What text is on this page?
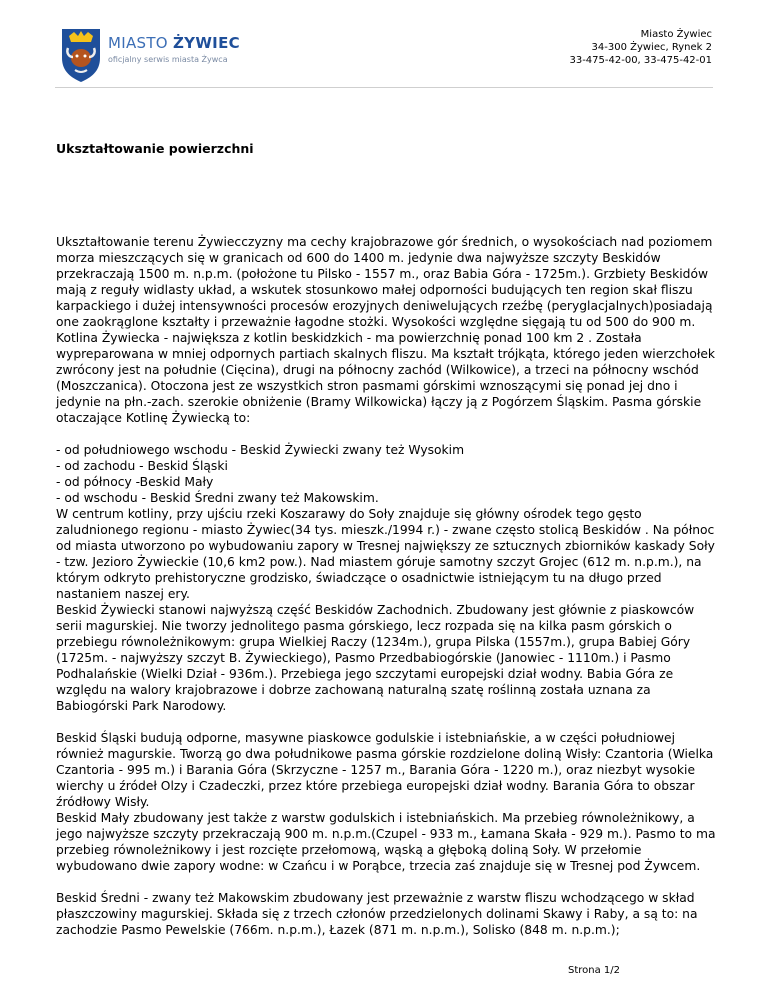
MIASTO ŻYWIEC
oficjalny serwis miasta Żywca
Miasto Żywiec
34-300 Żywiec, Rynek 2
33-475-42-00, 33-475-42-01
Ukształtowanie powierzchni

Ukształtowanie terenu Żywiecczyzny ma cechy krajobrazowe gór średnich, o wysokościach nad poziomem morza mieszczących się w granicach od 600 do 1400 m. jedynie dwa najwyższe szczyty Beskidów przekraczają 1500 m. n.p.m. (położone tu Pilsko - 1557 m., oraz Babia Góra - 1725m.). Grzbiety Beskidów mają z reguły widlasty układ, a wskutek stosunkowo małej odporności budujących ten region skał fliszu karpackiego i dużej intensywności procesów erozyjnych deniwelujących rzeźbę (peryglacjalnych)posiadają one zaokrąglone kształty i przeważnie łagodne stożki. Wysokości względne sięgają tu od 500 do 900 m. Kotlina Żywiecka - największa z kotlin beskidzkich - ma powierzchnię ponad 100 km 2 . Została wypreparowana w mniej odpornych partiach skalnych fliszu. Ma kształt trójkąta, którego jeden wierzchołek zwrócony jest na południe (Cięcina), drugi na północny zachód (Wilkowice), a trzeci na północny wschód (Moszczanica). Otoczona jest ze wszystkich stron pasmami górskimi wznoszącymi się ponad jej dno i jedynie na płn.-zach. szerokie obniżenie (Bramy Wilkowicka) łączy ją z Pogórzem Śląskim. Pasma górskie otaczające Kotlinę Żywiecką to:

- od południowego wschodu - Beskid Żywiecki zwany też Wysokim
- od zachodu - Beskid Śląski
- od północy -Beskid Mały
- od wschodu - Beskid Średni zwany też Makowskim.
W centrum kotliny, przy ujściu rzeki Koszarawy do Soły znajduje się główny ośrodek tego gęsto zaludnionego regionu - miasto Żywiec(34 tys. mieszk./1994 r.) - zwane często stolicą Beskidów . Na północ od miasta utworzono po wybudowaniu zapory w Tresnej największy ze sztucznych zbiorników kaskady Soły - tzw. Jezioro Żywieckie (10,6 km2 pow.). Nad miastem góruje samotny szczyt Grojec (612 m. n.p.m.), na którym odkryto prehistoryczne grodzisko, świadczące o osadnictwie istniejącym tu na długo przed nastaniem naszej ery.
Beskid Żywiecki stanowi najwyższą część Beskidów Zachodnich. Zbudowany jest głównie z piaskowców serii magurskiej. Nie tworzy jednolitego pasma górskiego, lecz rozpada się na kilka pasm górskich o przebiegu równoleżnikowym: grupa Wielkiej Raczy (1234m.), grupa Pilska (1557m.), grupa Babiej Góry (1725m. - najwyższy szczyt B. Żywieckiego), Pasmo Przedbabiogórskie (Janowiec - 1110m.) i Pasmo Podhalańskie (Wielki Dział - 936m.). Przebiega jego szczytami europejski dział wodny. Babia Góra ze względu na walory krajobrazowe i dobrze zachowaną naturalną szatę roślinną została uznana za Babiogórski Park Narodowy.

Beskid Śląski budują odporne, masywne piaskowce godulskie i istebniańskie, a w części południowej również magurskie. Tworzą go dwa południkowe pasma górskie rozdzielone doliną Wisły: Czantoria (Wielka Czantoria - 995 m.) i Barania Góra (Skrzyczne - 1257 m., Barania Góra - 1220 m.), oraz niezbyt wysokie wierchy u źródeł Olzy i Czadeczki, przez które przebiega europejski dział wodny. Barania Góra to obszar źródłowy Wisły.
Beskid Mały zbudowany jest także z warstw godulskich i istebniańskich. Ma przebieg równoleżnikowy, a jego najwyższe szczyty przekraczają 900 m. n.p.m.(Czupel - 933 m., Łamana Skała - 929 m.). Pasmo to ma przebieg równoleżnikowy i jest rozcięte przełomową, wąską a głęboką doliną Soły. W przełomie wybudowano dwie zapory wodne: w Czańcu i w Porąbce, trzecia zaś znajduje się w Tresnej pod Żywcem.

Beskid Średni - zwany też Makowskim zbudowany jest przeważnie z warstw fliszu wchodzącego w skład płaszczowiny magurskiej. Składa się z trzech członów przedzielonych dolinami Skawy i Raby, a są to: na zachodzie Pasmo Pewelskie (766m. n.p.m.), Łazek (871 m. n.p.m.), Solisko (848 m. n.p.m.);

Strona 1/2
